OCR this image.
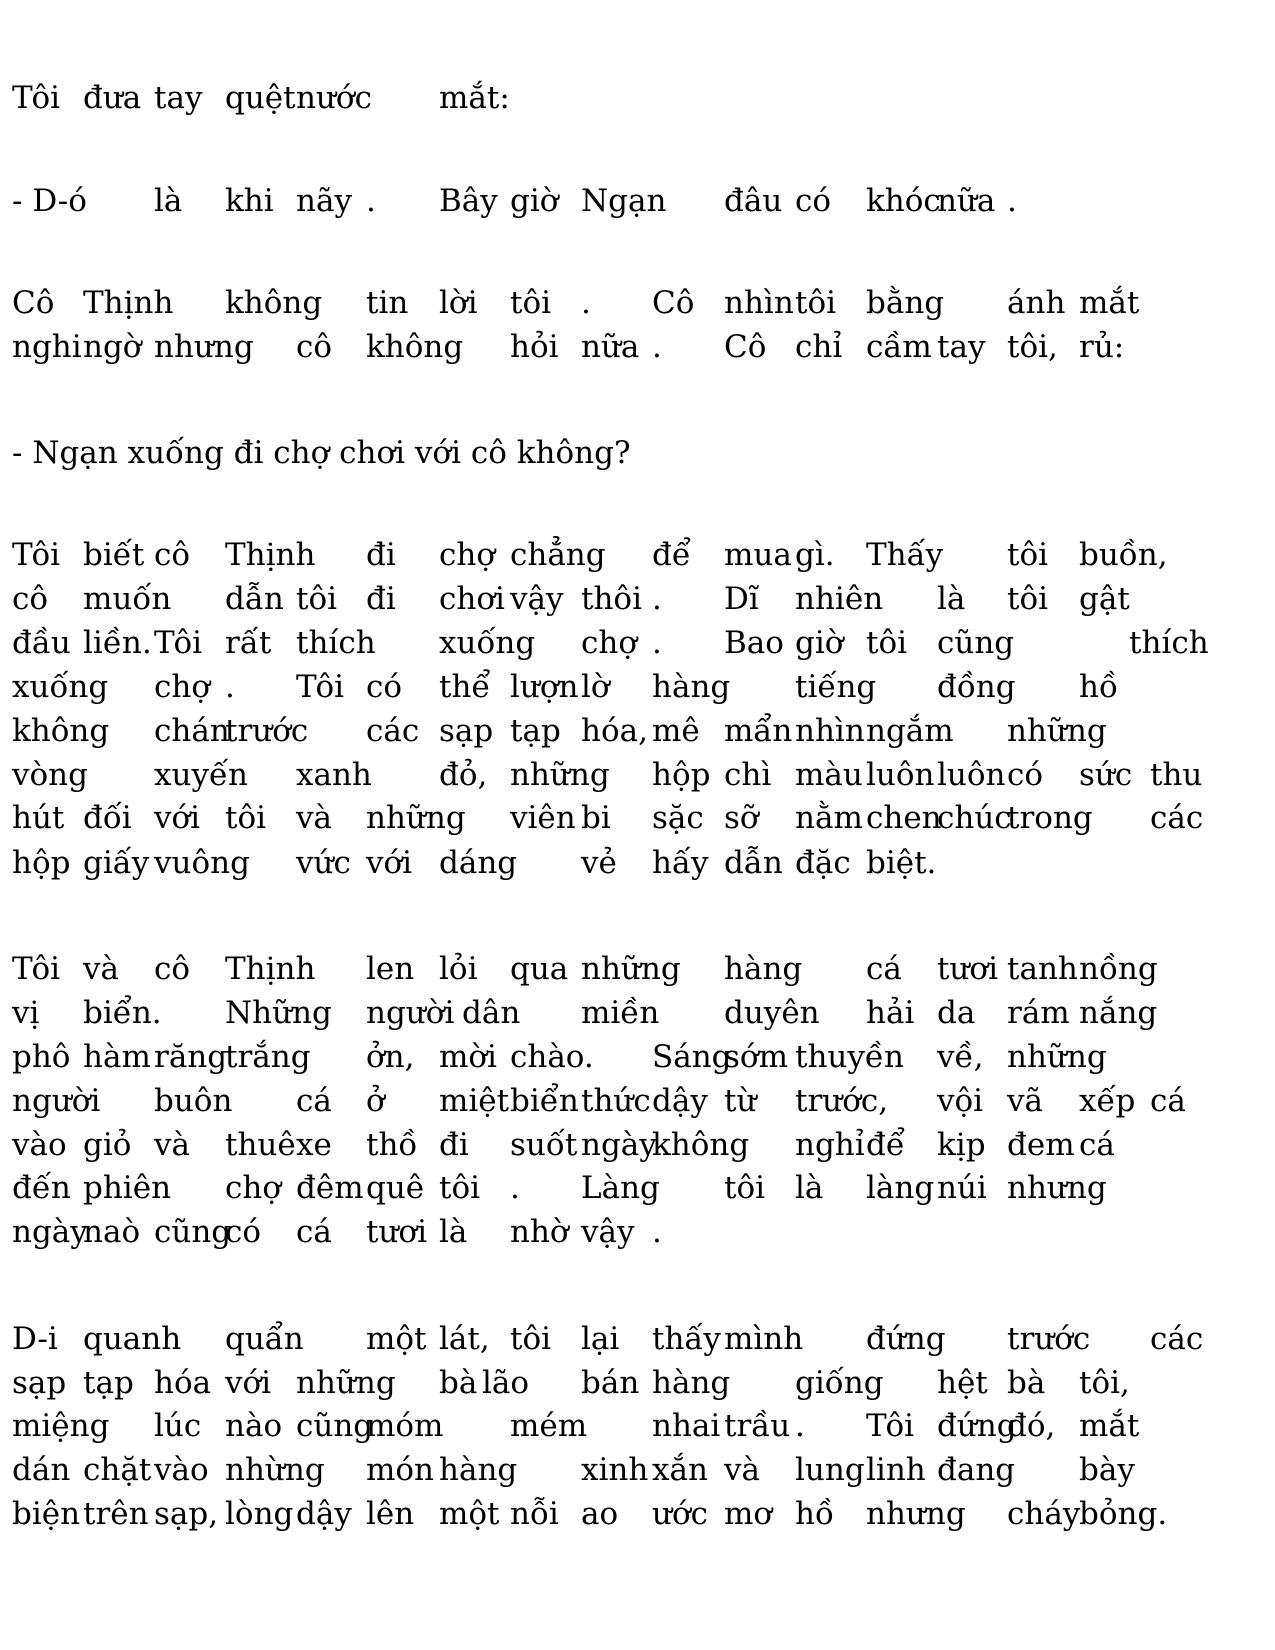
Tôi đưa tay quệt nước mắt:
- D-ó là khi nãy . Bây giờ Ngạn đâu có khóc
nữa .
Cô Thịnh không tin lời tôi . Cô nhìn tôi bằng ánh mắt
nghi ngờ nhưng cô không hỏi nữa . Cô chỉ cầm tay tôi, rủ:
- Ngạn xuống đi chợ chơi với cô không?
Tôi biết cô Thịnh đi chợ chẳng để mua gì. Thấy tôi buồn,
cô muốn dẫn tôi đi chơi vậy thôi . Dĩ nhiên là tôi gật
đầu liền. Tôi rất thích xuống chợ . Bao giờ tôi cũng	thích
xuống chợ . Tôi có thể lượn lờ hàng tiếng đồng hồ
không chán
trước các sạp tạp hóa, mê mẩn nhìn ngắm những
vòng xuyến xanh đỏ, những hộp chì màu luôn luôn có sức thu
hút đối với tôi và những viên bi sặc sỡ nằm chen
chúc
trong các
hộp giấy vuông vức với dáng vẻ hấy dẫn đặc biệt.
Tôi và cô Thịnh len lỏi qua những hàng cá tươi tanh nồng
vị biển. Những người dân miền duyên hải da rám nắng
phô hàm răng
trắng ởn, mời chào. Sáng
sớm thuyền về, những
người buôn cá ở miệt biển thức dậy từ trước, vội vã xếp cá
vào giỏ và thuê xe thồ đi suốt ngày
không nghỉ để kịp đem cá
đến phiên chợ đêm quê tôi . Làng tôi là làng núi nhưng
ngày
naò cũng
có cá tươi là nhờ vậy .
D-i quanh quẩn một lát, tôi lại thấy mình đứng trước các
sạp tạp hóa với những bà lão bán hàng giống hệt bà tôi,
miệng lúc nào cũng
móm mém nhai trầu . Tôi đứng
đó, mắt
dán chặt vào nhừng món hàng xinh xắn và lung linh đang bày
biện trên sạp, lòng dậy lên một nỗi ao ước mơ hồ nhưng cháy
bỏng.
